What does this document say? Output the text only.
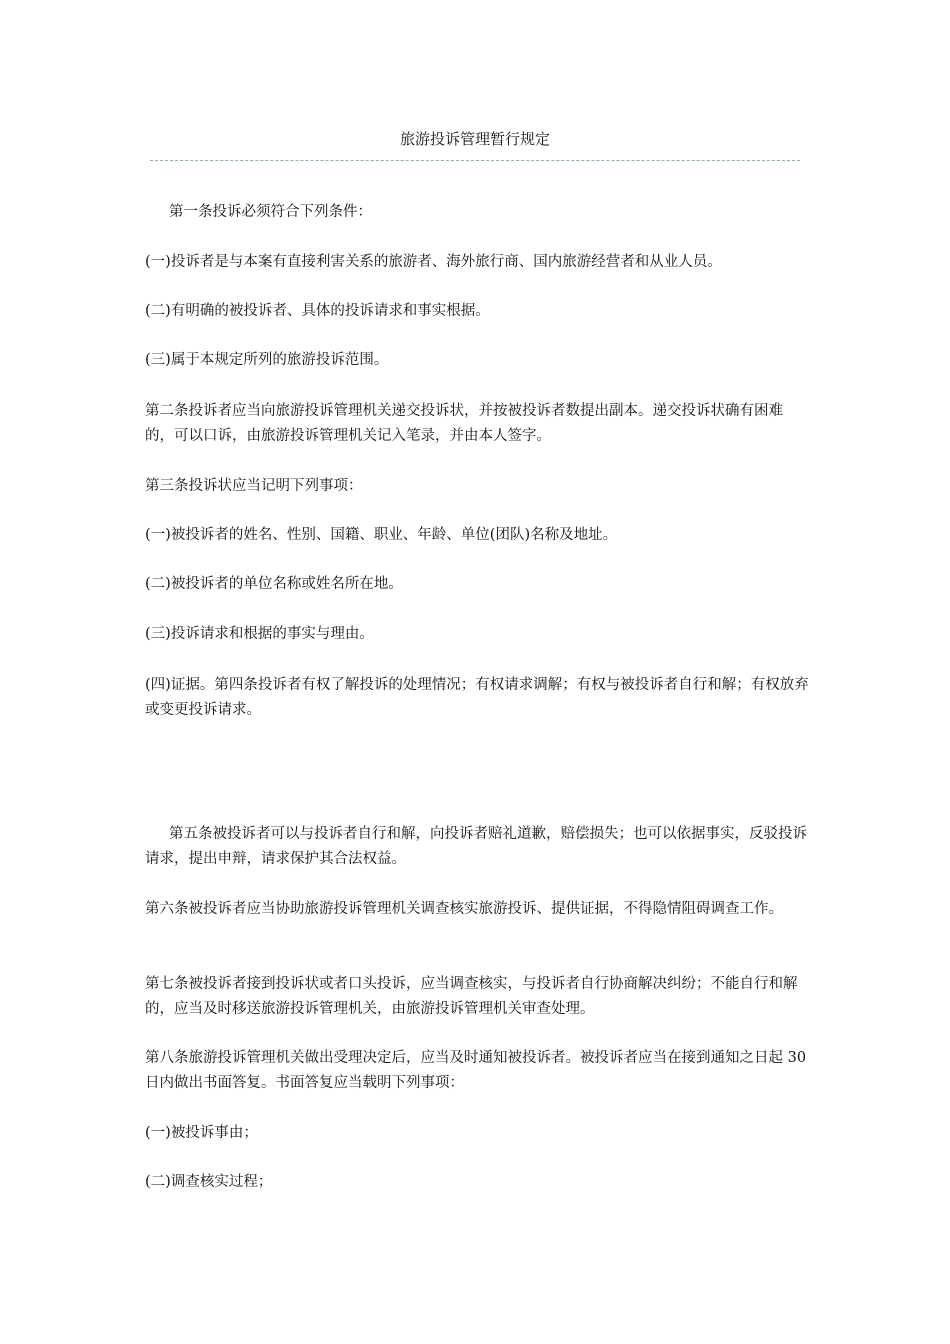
旅游投诉管理暂行规定
第一条投诉必须符合下列条件：
(一)投诉者是与本案有直接利害关系的旅游者、海外旅行商、国内旅游经营者和从业人员。
(二)有明确的被投诉者、具体的投诉请求和事实根据。
(三)属于本规定所列的旅游投诉范围。
第二条投诉者应当向旅游投诉管理机关递交投诉状，并按被投诉者数提出副本。递交投诉状确有困难的，可以口诉，由旅游投诉管理机关记入笔录，并由本人签字。
第三条投诉状应当记明下列事项：
(一)被投诉者的姓名、性别、国籍、职业、年龄、单位(团队)名称及地址。
(二)被投诉者的单位名称或姓名所在地。
(三)投诉请求和根据的事实与理由。
(四)证据。第四条投诉者有权了解投诉的处理情况；有权请求调解；有权与被投诉者自行和解；有权放弃或变更投诉请求。
第五条被投诉者可以与投诉者自行和解，向投诉者赔礼道歉，赔偿损失；也可以依据事实，反驳投诉请求，提出申辩，请求保护其合法权益。
第六条被投诉者应当协助旅游投诉管理机关调查核实旅游投诉、提供证据，不得隐情阻碍调查工作。
第七条被投诉者接到投诉状或者口头投诉，应当调查核实，与投诉者自行协商解决纠纷；不能自行和解的，应当及时移送旅游投诉管理机关，由旅游投诉管理机关审查处理。
第八条旅游投诉管理机关做出受理决定后，应当及时通知被投诉者。被投诉者应当在接到通知之日起 30 日内做出书面答复。书面答复应当载明下列事项：
(一)被投诉事由；
(二)调查核实过程；
